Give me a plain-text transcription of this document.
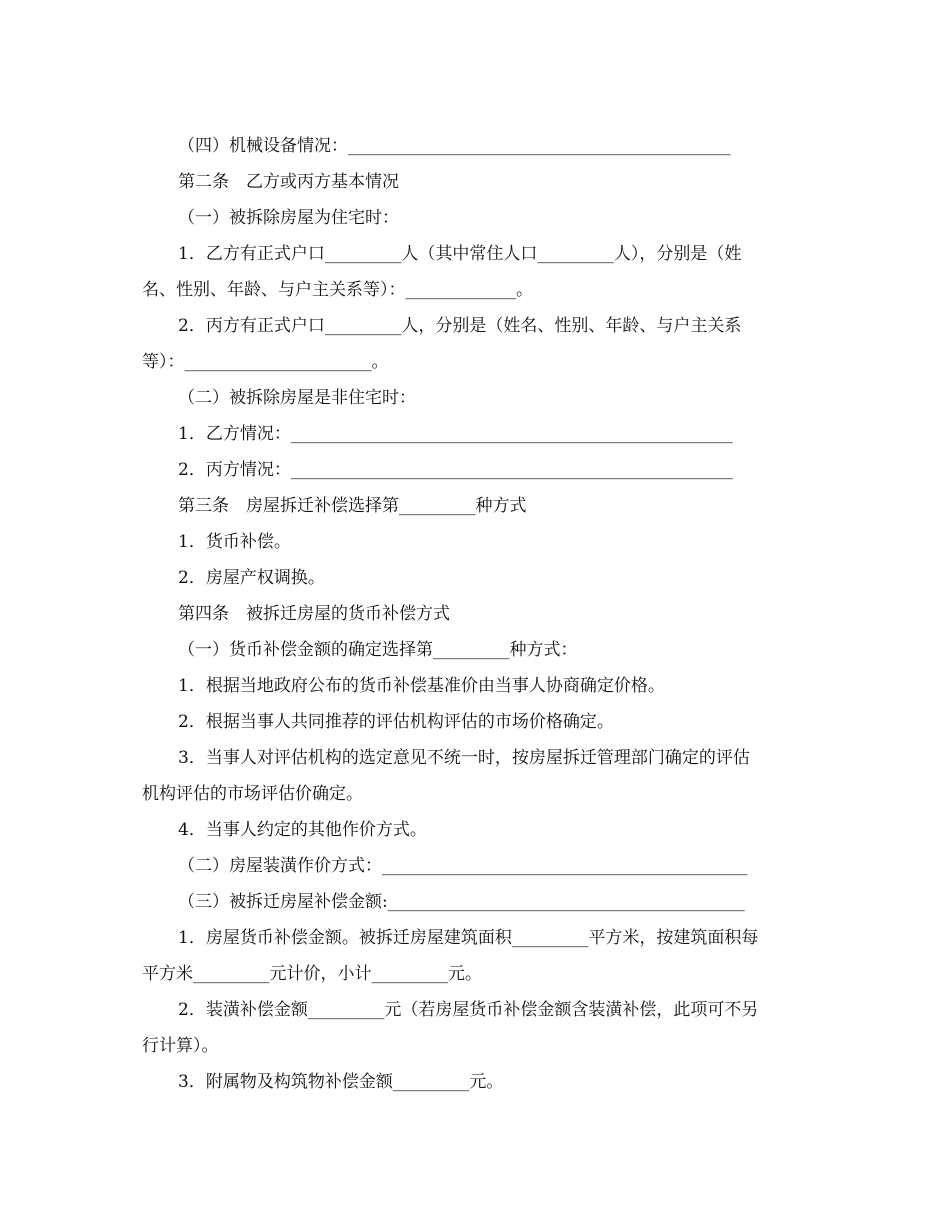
（四）机械设备情况：_____________________________________________
第二条　乙方或丙方基本情况
（一）被拆除房屋为住宅时：
1．乙方有正式户口_________人（其中常住人口_________人），分别是（姓
名、性别、年龄、与户主关系等）：_____________。
2．丙方有正式户口_________人，分别是（姓名、性别、年龄、与户主关系
等）：______________________。
（二）被拆除房屋是非住宅时：
1．乙方情况：____________________________________________________
2．丙方情况：____________________________________________________
第三条　房屋拆迁补偿选择第_________种方式
1．货币补偿。
2．房屋产权调换。
第四条　被拆迁房屋的货币补偿方式
（一）货币补偿金额的确定选择第_________种方式：
1．根据当地政府公布的货币补偿基准价由当事人协商确定价格。
2．根据当事人共同推荐的评估机构评估的市场价格确定。
3．当事人对评估机构的选定意见不统一时，按房屋拆迁管理部门确定的评估
机构评估的市场评估价确定。
4．当事人约定的其他作价方式。
（二）房屋装潢作价方式：___________________________________________
（三）被拆迁房屋补偿金额:__________________________________________
1．房屋货币补偿金额。被拆迁房屋建筑面积_________平方米，按建筑面积每
平方米_________元计价，小计_________元。
2．装潢补偿金额_________元（若房屋货币补偿金额含装潢补偿，此项可不另
行计算）。
3．附属物及构筑物补偿金额_________元。
